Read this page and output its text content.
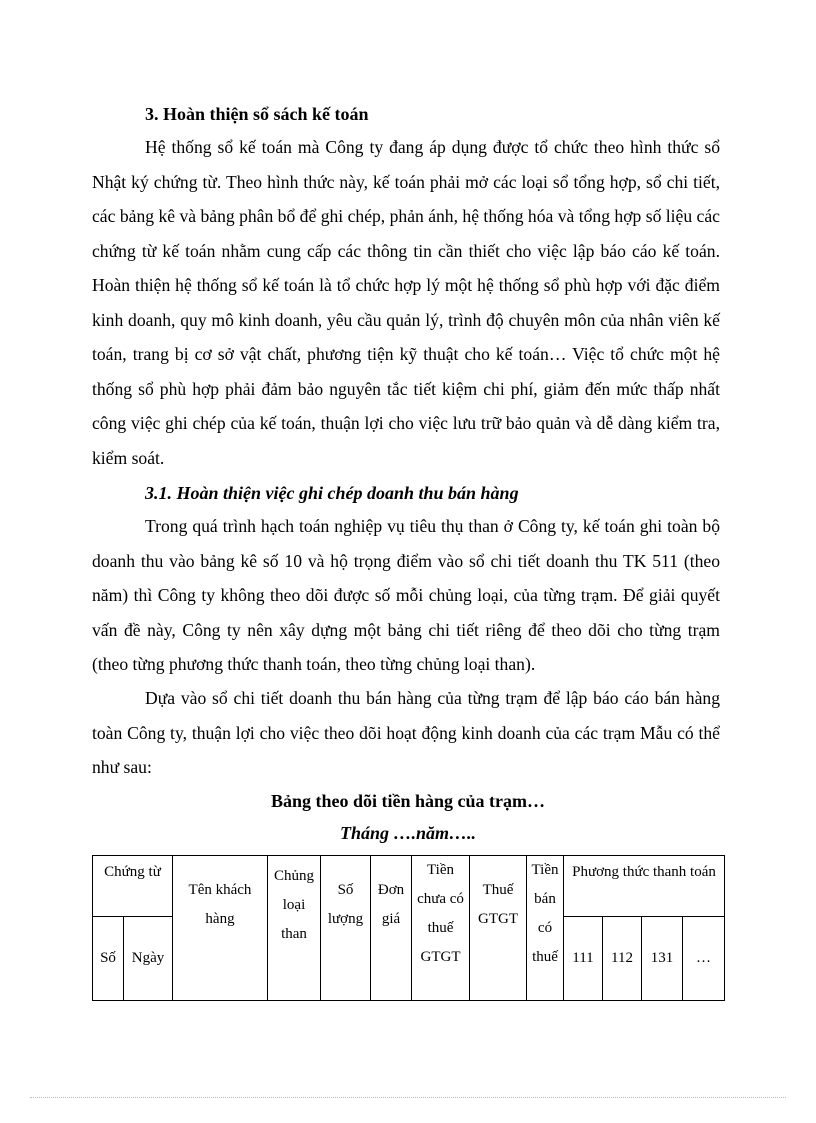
3. Hoàn thiện sổ sách kế toán

Hệ thống sổ kế toán mà Công ty đang áp dụng được tổ chức theo hình thức sổ Nhật ký chứng từ. Theo hình thức này, kế toán phải mở các loại sổ tổng hợp, sổ chi tiết, các bảng kê và bảng phân bổ để ghi chép, phản ánh, hệ thống hóa và tổng hợp số liệu các chứng từ kế toán nhằm cung cấp các thông tin cần thiết cho việc lập báo cáo kế toán. Hoàn thiện hệ thống sổ kế toán là tổ chức hợp lý một hệ thống sổ phù hợp với đặc điểm kinh doanh, quy mô kinh doanh, yêu cầu quản lý, trình độ chuyên môn của nhân viên kế toán, trang bị cơ sở vật chất, phương tiện kỹ thuật cho kế toán… Việc tổ chức một hệ thống sổ phù hợp phải đảm bảo nguyên tắc tiết kiệm chi phí, giảm đến mức thấp nhất công việc ghi chép của kế toán, thuận lợi cho việc lưu trữ bảo quản và dễ dàng kiểm tra, kiểm soát.

3.1. Hoàn thiện việc ghi chép doanh thu bán hàng

Trong quá trình hạch toán nghiệp vụ tiêu thụ than ở Công ty, kế toán ghi toàn bộ doanh thu vào bảng kê số 10 và hộ trọng điểm vào sổ chi tiết doanh thu TK 511 (theo năm) thì Công ty không theo dõi được số mỗi chủng loại, của từng trạm. Để giải quyết vấn đề này, Công ty nên xây dựng một bảng chi tiết riêng để theo dõi cho từng trạm (theo từng phương thức thanh toán, theo từng chủng loại than).

Dựa vào sổ chi tiết doanh thu bán hàng của từng trạm để lập báo cáo bán hàng toàn Công ty, thuận lợi cho việc theo dõi hoạt động kinh doanh của các trạm Mẫu có thể như sau:

Bảng theo dõi tiền hàng của trạm…
Tháng ….năm…..
Chứng từ		Tên khách hàng	Chủng loại than	Số lượng	Đơn giá	Tiền chưa có thuế GTGT	Thuế GTGT	Tiền bán có thuế	Phương thức thanh toán			
Số	Ngày								111	112	131	…
